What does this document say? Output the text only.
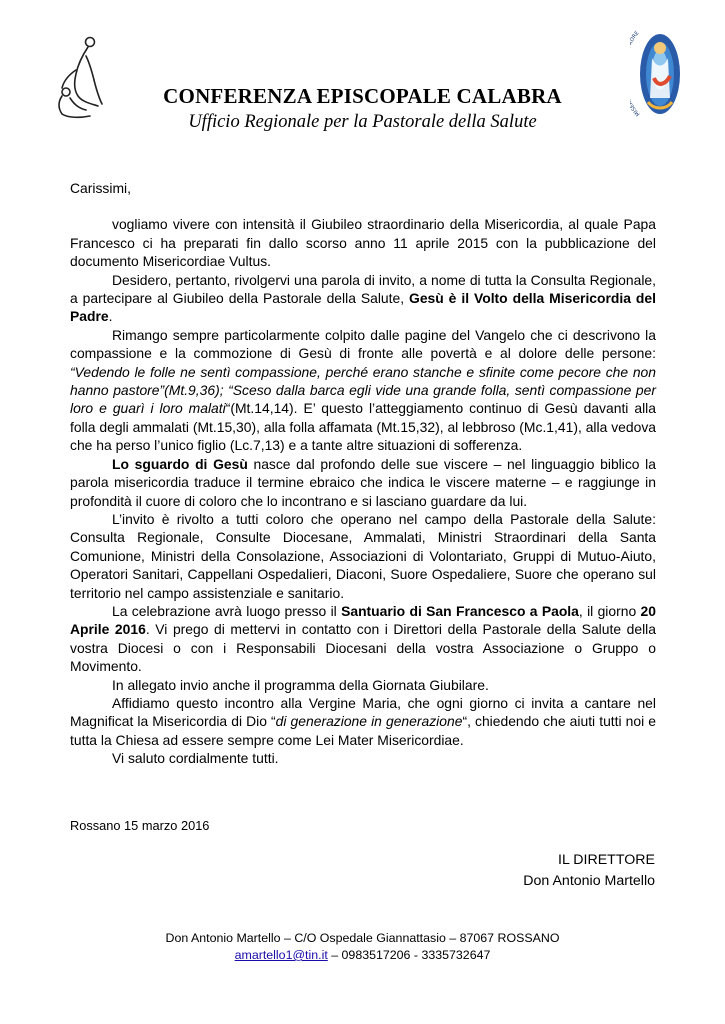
MIS RE
CONFERENZA EPISCOPALE CALABRA
Ufficio Regionale per la Pastorale della Salute

Carissimi,

vogliamo vivere con intensità il Giubileo straordinario della Misericordia, al quale Papa Francesco ci ha preparati fin dallo scorso anno 11 aprile 2015 con la pubblicazione del documento Misericordiae Vultus.

Desidero, pertanto, rivolgervi una parola di invito, a nome di tutta la Consulta Regionale, a partecipare al Giubileo della Pastorale della Salute, Gesù è il Volto della Misericordia del Padre.

Rimango sempre particolarmente colpito dalle pagine del Vangelo che ci descrivono la compassione e la commozione di Gesù di fronte alle povertà e al dolore delle persone: “Vedendo le folle ne sentì compassione, perché erano stanche e sfinite come pecore che non hanno pastore”(Mt.9,36); “Sceso dalla barca egli vide una grande folla, sentì compassione per loro e guarì i loro malati“(Mt.14,14). E’ questo l’atteggiamento continuo di Gesù davanti alla folla degli ammalati (Mt.15,30), alla folla affamata (Mt.15,32), al lebbroso (Mc.1,41), alla vedova che ha perso l’unico figlio (Lc.7,13) e a tante altre situazioni di sofferenza.

Lo sguardo di Gesù nasce dal profondo delle sue viscere – nel linguaggio biblico la parola misericordia traduce il termine ebraico che indica le viscere materne – e raggiunge in profondità il cuore di coloro che lo incontrano e si lasciano guardare da lui.

L’invito è rivolto a tutti coloro che operano nel campo della Pastorale della Salute: Consulta Regionale, Consulte Diocesane, Ammalati, Ministri Straordinari della Santa Comunione, Ministri della Consolazione, Associazioni di Volontariato, Gruppi di Mutuo-Aiuto, Operatori Sanitari, Cappellani Ospedalieri, Diaconi, Suore Ospedaliere, Suore che operano sul territorio nel campo assistenziale e sanitario.

La celebrazione avrà luogo presso il Santuario di San Francesco a Paola, il giorno 20 Aprile 2016. Vi prego di mettervi in contatto con i Direttori della Pastorale della Salute della vostra Diocesi o con i Responsabili Diocesani della vostra Associazione o Gruppo o Movimento.

In allegato invio anche il programma della Giornata Giubilare.

Affidiamo questo incontro alla Vergine Maria, che ogni giorno ci invita a cantare nel Magnificat la Misericordia di Dio “di generazione in generazione“, chiedendo che aiuti tutti noi e tutta la Chiesa ad essere sempre come Lei Mater Misericordiae.

Vi saluto cordialmente tutti.

Rossano 15 marzo 2016
IL DIRETTORE
Don Antonio Martello
Don Antonio Martello – C/O Ospedale Giannattasio – 87067 ROSSANO
amartello1@tin.it – 0983517206 - 3335732647
